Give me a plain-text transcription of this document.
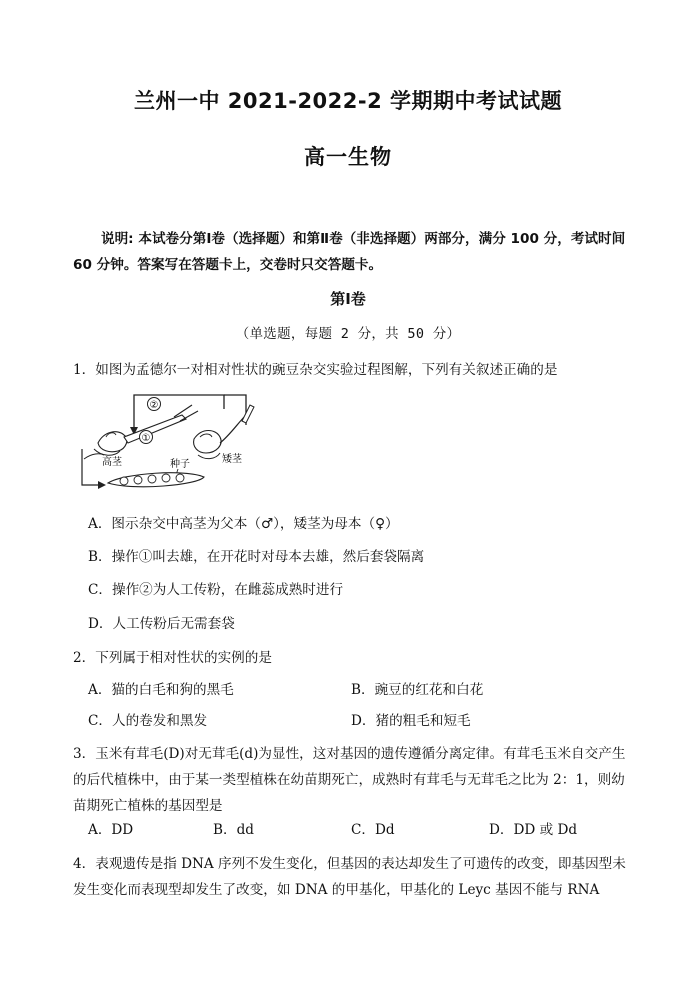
兰州一中 2021-2022-2 学期期中考试试题
高一生物
说明: 本试卷分第Ⅰ卷（选择题）和第Ⅱ卷（非选择题）两部分，满分 100 分，考试时间60 分钟。答案写在答题卡上，交卷时只交答题卡。
第Ⅰ卷
（单选题，每题 2 分，共 50 分）
1．如图为孟德尔一对相对性状的豌豆杂交实验过程图解，下列有关叙述正确的是
②
①
高茎	矮茎
种子
A．图示杂交中高茎为父本（♂），矮茎为母本（♀）
B．操作①叫去雄，在开花时对母本去雄，然后套袋隔离
C．操作②为人工传粉，在雌蕊成熟时进行
D．人工传粉后无需套袋
2．下列属于相对性状的实例的是
A．猫的白毛和狗的黑毛	B．豌豆的红花和白花
C．人的卷发和黑发	D．猪的粗毛和短毛
3．玉米有茸毛(D)对无茸毛(d)为显性，这对基因的遗传遵循分离定律。有茸毛玉米自交产生的后代植株中，由于某一类型植株在幼苗期死亡，成熟时有茸毛与无茸毛之比为 2：1，则幼苗期死亡植株的基因型是
A．DD	B．dd	C．Dd	D．DD 或 Dd
4．表观遗传是指 DNA 序列不发生变化，但基因的表达却发生了可遗传的改变，即基因型未发生变化而表现型却发生了改变，如 DNA 的甲基化，甲基化的 Leyc 基因不能与 RNA
